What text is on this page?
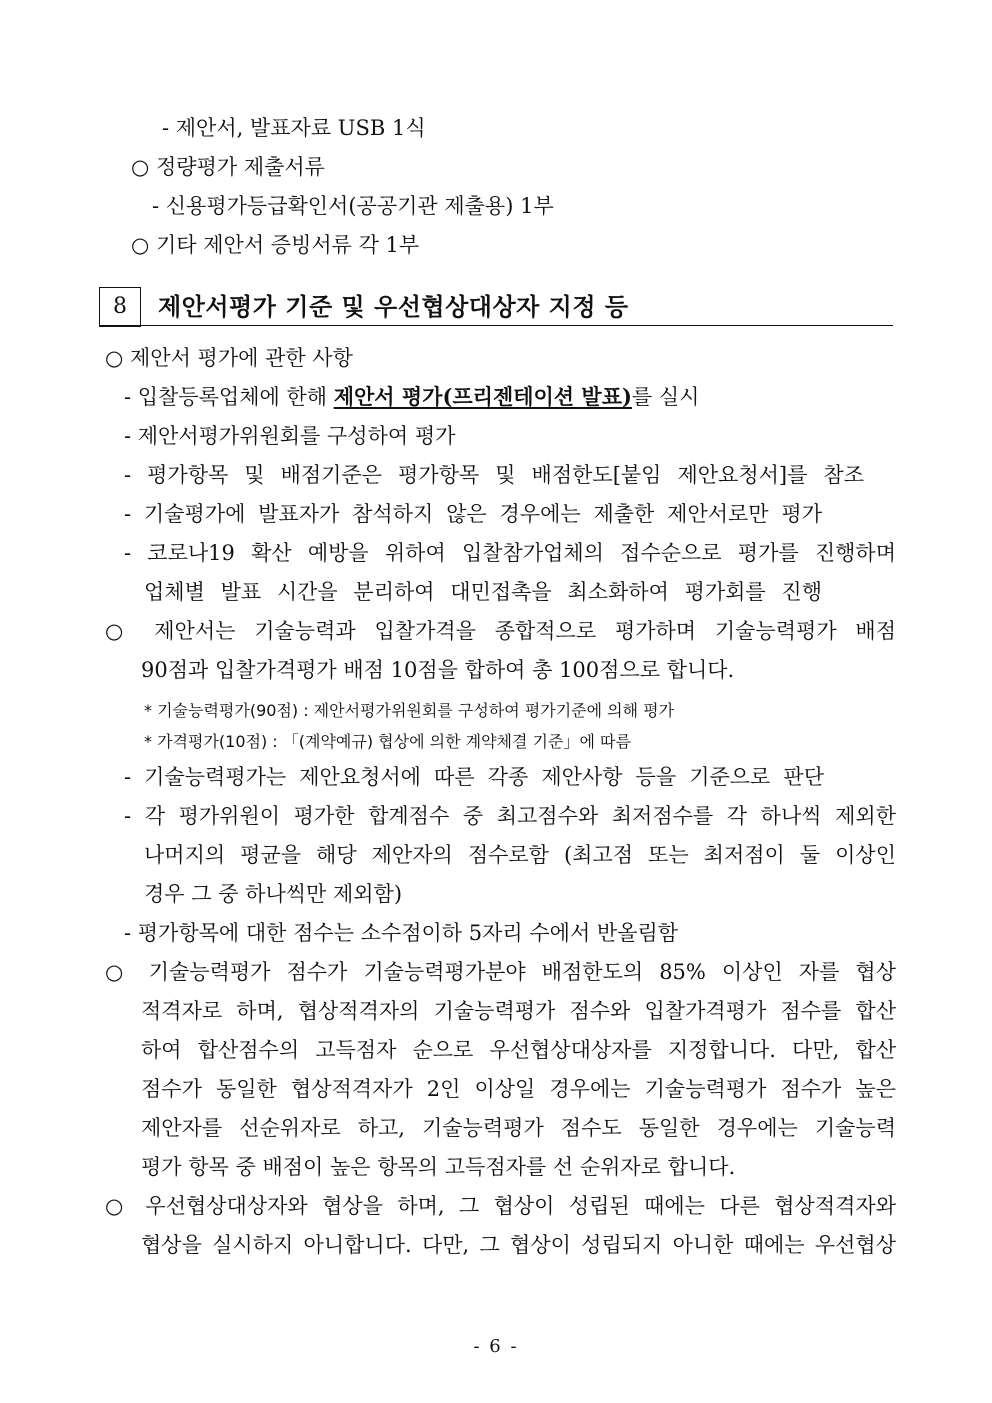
- 제안서, 발표자료 USB 1식
○ 정량평가 제출서류
- 신용평가등급확인서(공공기관 제출용) 1부
○ 기타 제안서 증빙서류 각 1부
8	제안서평가 기준 및 우선협상대상자 지정 등
○ 제안서 평가에 관한 사항
- 입찰등록업체에 한해 제안서 평가(프리젠테이션 발표)를 실시
- 제안서평가위원회를 구성하여 평가
- 평가항목 및 배점기준은 평가항목 및 배점한도[붙임 제안요청서]를 참조
- 기술평가에 발표자가 참석하지 않은 경우에는 제출한 제안서로만 평가
- 코로나19 확산 예방을 위하여 입찰참가업체의 접수순으로 평가를 진행하며
업체별 발표 시간을 분리하여 대민접촉을 최소화하여 평가회를 진행
○ 제안서는 기술능력과 입찰가격을 종합적으로 평가하며 기술능력평가 배점
90점과 입찰가격평가 배점 10점을 합하여 총 100점으로 합니다.
* 기술능력평가(90점) : 제안서평가위원회를 구성하여 평가기준에 의해 평가
* 가격평가(10점) : 「(계약예규) 협상에 의한 계약체결 기준」에 따름
- 기술능력평가는 제안요청서에 따른 각종 제안사항 등을 기준으로 판단
- 각 평가위원이 평가한 합계점수 중 최고점수와 최저점수를 각 하나씩 제외한
나머지의 평균을 해당 제안자의 점수로함 (최고점 또는 최저점이 둘 이상인
경우 그 중 하나씩만 제외함)
- 평가항목에 대한 점수는 소수점이하 5자리 수에서 반올림함
○ 기술능력평가 점수가 기술능력평가분야 배점한도의 85% 이상인 자를 협상
적격자로 하며, 협상적격자의 기술능력평가 점수와 입찰가격평가 점수를 합산
하여 합산점수의 고득점자 순으로 우선협상대상자를 지정합니다. 다만, 합산
점수가 동일한 협상적격자가 2인 이상일 경우에는 기술능력평가 점수가 높은
제안자를 선순위자로 하고, 기술능력평가 점수도 동일한 경우에는 기술능력
평가 항목 중 배점이 높은 항목의 고득점자를 선 순위자로 합니다.
○ 우선협상대상자와 협상을 하며, 그 협상이 성립된 때에는 다른 협상적격자와
협상을 실시하지 아니합니다. 다만, 그 협상이 성립되지 아니한 때에는 우선협상
- 6 -
